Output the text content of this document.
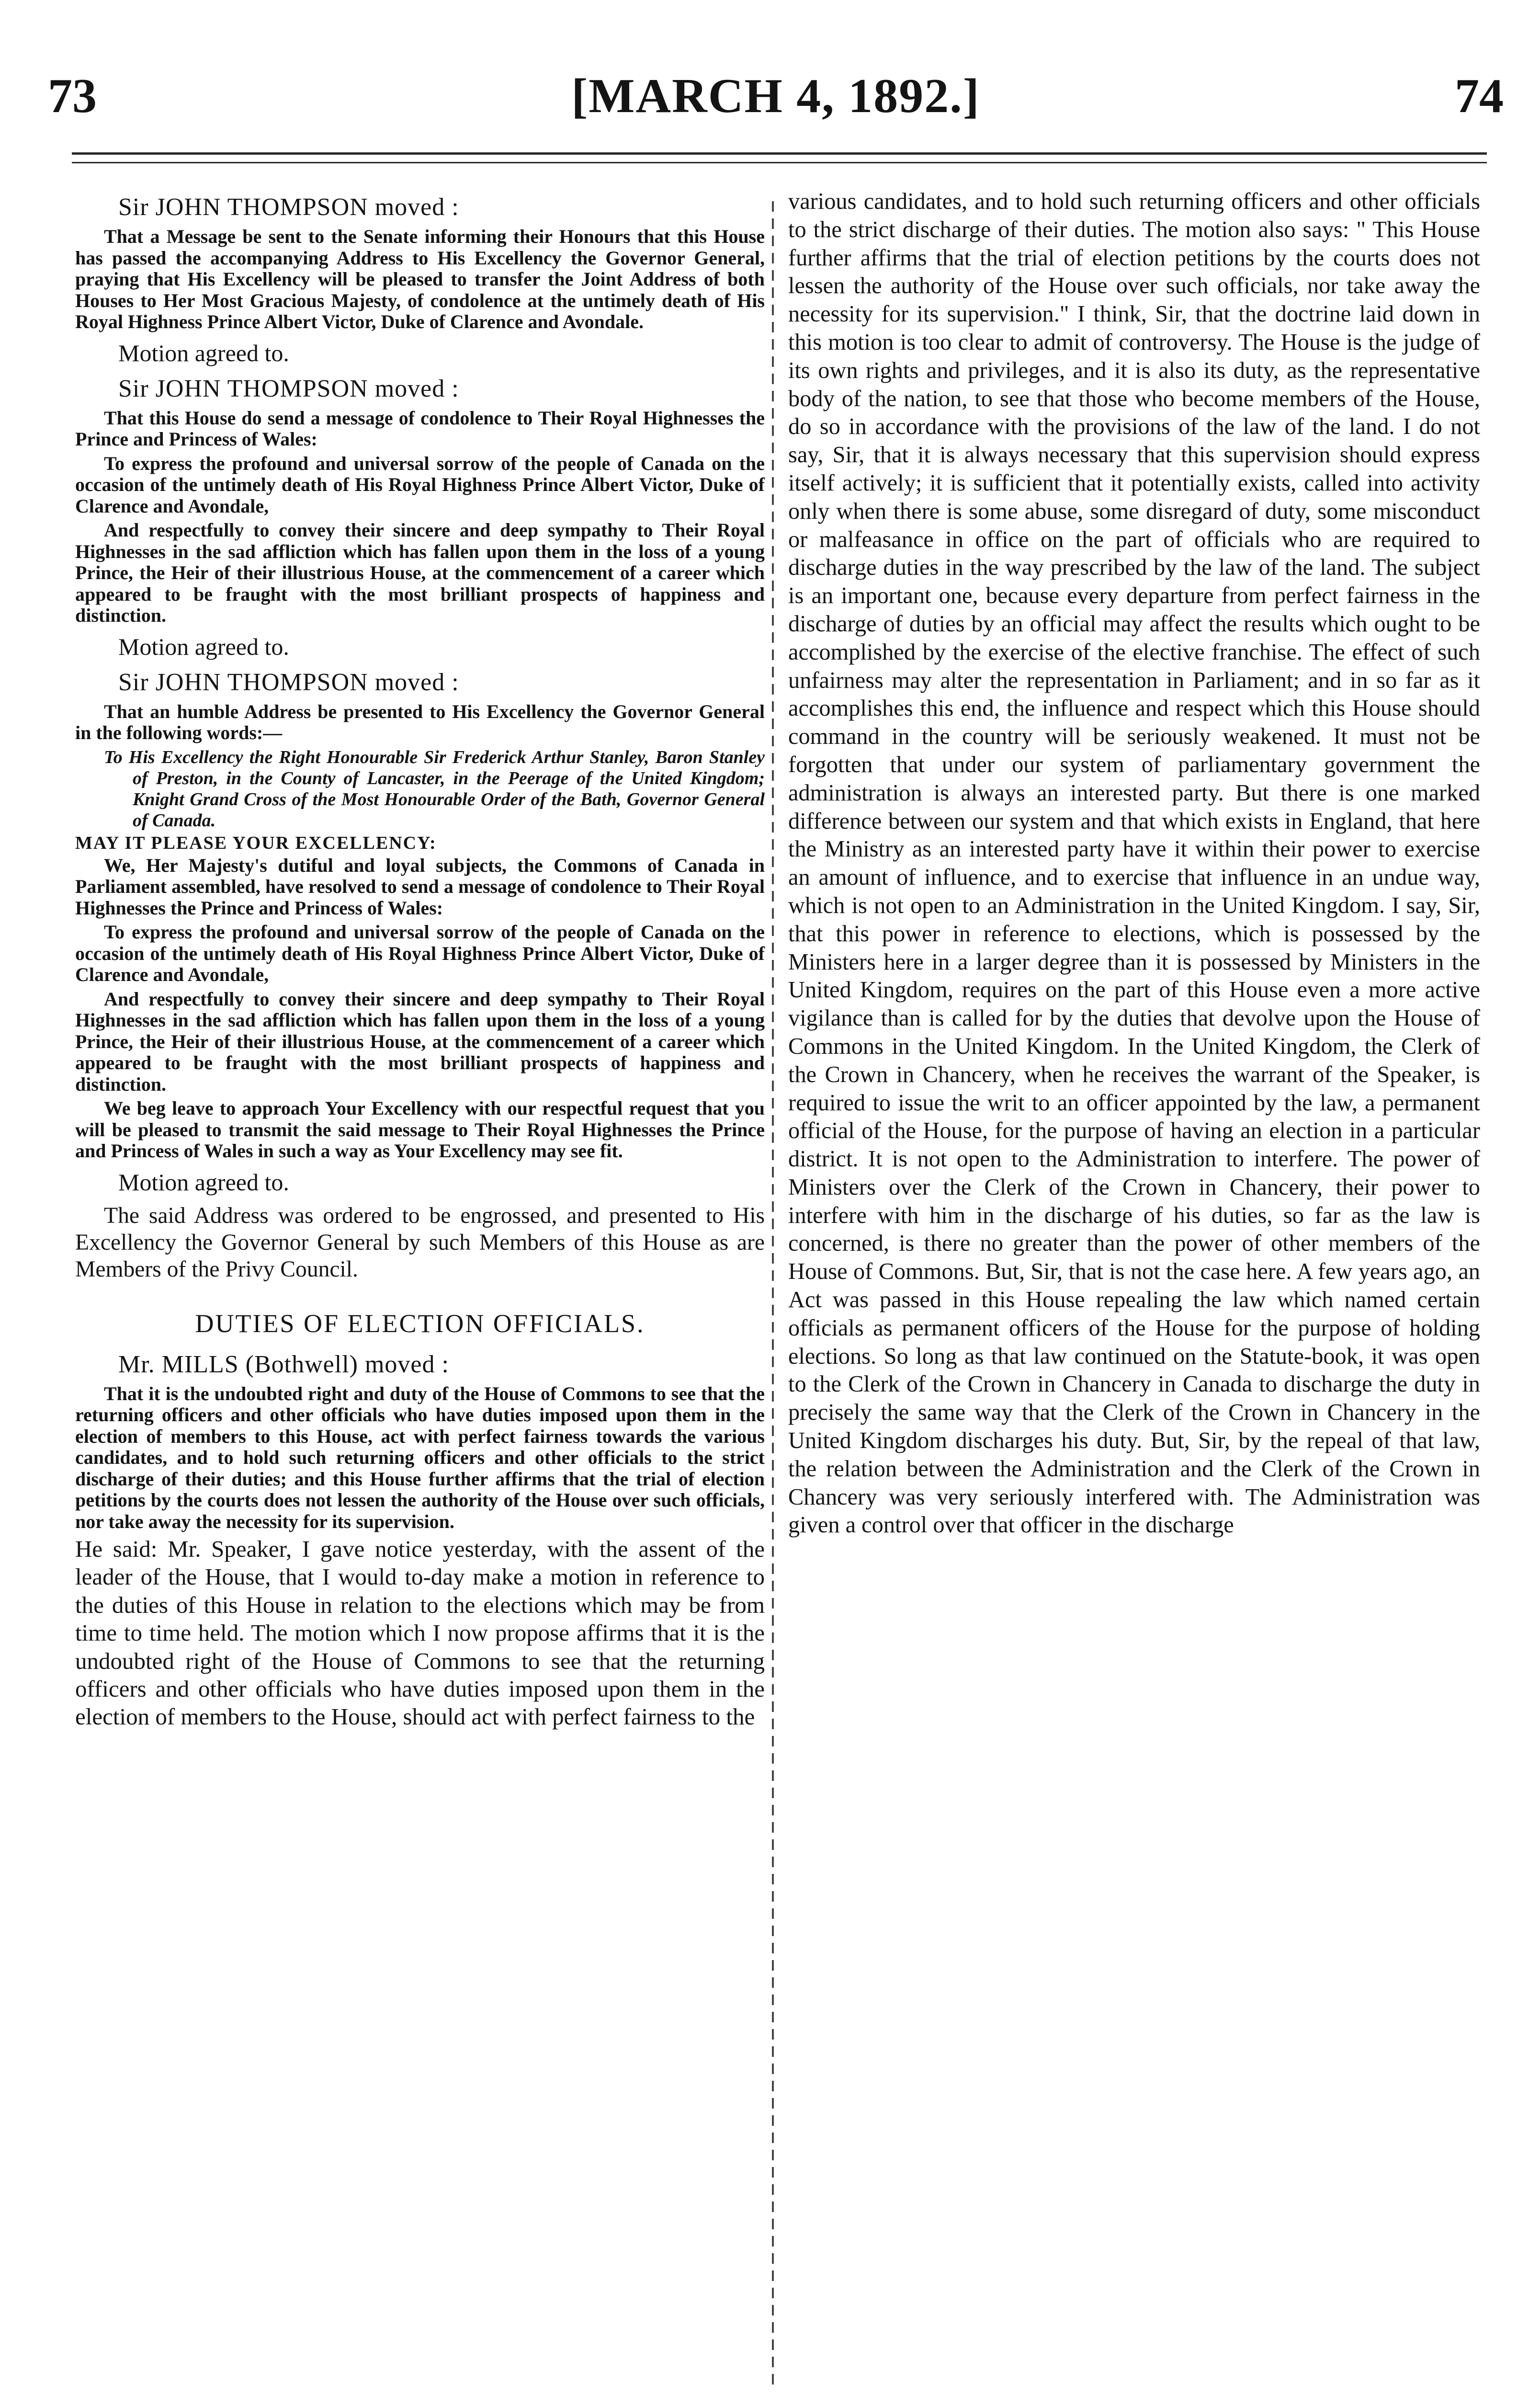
73	[MARCH 4, 1892.]	74

Sir JOHN THOMPSON moved :

That a Message be sent to the Senate informing their Honours that this House has passed the accompanying Address to His Excellency the Governor General, praying that His Excellency will be pleased to transfer the Joint Address of both Houses to Her Most Gracious Majesty, of condolence at the untimely death of His Royal Highness Prince Albert Victor, Duke of Clarence and Avondale.

Motion agreed to.

Sir JOHN THOMPSON moved :

That this House do send a message of condolence to Their Royal Highnesses the Prince and Princess of Wales:

To express the profound and universal sorrow of the people of Canada on the occasion of the untimely death of His Royal Highness Prince Albert Victor, Duke of Clarence and Avondale,

And respectfully to convey their sincere and deep sympathy to Their Royal Highnesses in the sad affliction which has fallen upon them in the loss of a young Prince, the Heir of their illustrious House, at the commencement of a career which appeared to be fraught with the most brilliant prospects of happiness and distinction.

Motion agreed to.

Sir JOHN THOMPSON moved :

That an humble Address be presented to His Excellency the Governor General in the following words:—

To His Excellency the Right Honourable Sir Frederick Arthur Stanley, Baron Stanley of Preston, in the County of Lancaster, in the Peerage of the United Kingdom; Knight Grand Cross of the Most Honourable Order of the Bath, Governor General of Canada.

MAY IT PLEASE YOUR EXCELLENCY:

We, Her Majesty's dutiful and loyal subjects, the Commons of Canada in Parliament assembled, have resolved to send a message of condolence to Their Royal Highnesses the Prince and Princess of Wales:

To express the profound and universal sorrow of the people of Canada on the occasion of the untimely death of His Royal Highness Prince Albert Victor, Duke of Clarence and Avondale,

And respectfully to convey their sincere and deep sympathy to Their Royal Highnesses in the sad affliction which has fallen upon them in the loss of a young Prince, the Heir of their illustrious House, at the commencement of a career which appeared to be fraught with the most brilliant prospects of happiness and distinction.

We beg leave to approach Your Excellency with our respectful request that you will be pleased to transmit the said message to Their Royal Highnesses the Prince and Princess of Wales in such a way as Your Excellency may see fit.

Motion agreed to.

The said Address was ordered to be engrossed, and presented to His Excellency the Governor General by such Members of this House as are Members of the Privy Council.

DUTIES OF ELECTION OFFICIALS.

Mr. MILLS (Bothwell) moved :

That it is the undoubted right and duty of the House of Commons to see that the returning officers and other officials who have duties imposed upon them in the election of members to this House, act with perfect fairness towards the various candidates, and to hold such returning officers and other officials to the strict discharge of their duties; and this House further affirms that the trial of election petitions by the courts does not lessen the authority of the House over such officials, nor take away the necessity for its supervision.

He said: Mr. Speaker, I gave notice yesterday, with the assent of the leader of the House, that I would to-day make a motion in reference to the duties of this House in relation to the elections which may be from time to time held. The motion which I now propose affirms that it is the undoubted right of the House of Commons to see that the returning officers and other officials who have duties imposed upon them in the election of members to the House, should act with perfect fairness to the

various candidates, and to hold such returning officers and other officials to the strict discharge of their duties. The motion also says: " This House further affirms that the trial of election petitions by the courts does not lessen the authority of the House over such officials, nor take away the necessity for its supervision." I think, Sir, that the doctrine laid down in this motion is too clear to admit of controversy. The House is the judge of its own rights and privileges, and it is also its duty, as the representative body of the nation, to see that those who become members of the House, do so in accordance with the provisions of the law of the land. I do not say, Sir, that it is always necessary that this supervision should express itself actively; it is sufficient that it potentially exists, called into activity only when there is some abuse, some disregard of duty, some misconduct or malfeasance in office on the part of officials who are required to discharge duties in the way prescribed by the law of the land. The subject is an important one, because every departure from perfect fairness in the discharge of duties by an official may affect the results which ought to be accomplished by the exercise of the elective franchise. The effect of such unfairness may alter the representation in Parliament; and in so far as it accomplishes this end, the influence and respect which this House should command in the country will be seriously weakened. It must not be forgotten that under our system of parliamentary government the administration is always an interested party. But there is one marked difference between our system and that which exists in England, that here the Ministry as an interested party have it within their power to exercise an amount of influence, and to exercise that influence in an undue way, which is not open to an Administration in the United Kingdom. I say, Sir, that this power in reference to elections, which is possessed by the Ministers here in a larger degree than it is possessed by Ministers in the United Kingdom, requires on the part of this House even a more active vigilance than is called for by the duties that devolve upon the House of Commons in the United Kingdom. In the United Kingdom, the Clerk of the Crown in Chancery, when he receives the warrant of the Speaker, is required to issue the writ to an officer appointed by the law, a permanent official of the House, for the purpose of having an election in a particular district. It is not open to the Administration to interfere. The power of Ministers over the Clerk of the Crown in Chancery, their power to interfere with him in the discharge of his duties, so far as the law is concerned, is there no greater than the power of other members of the House of Commons. But, Sir, that is not the case here. A few years ago, an Act was passed in this House repealing the law which named certain officials as permanent officers of the House for the purpose of holding elections. So long as that law continued on the Statute-book, it was open to the Clerk of the Crown in Chancery in Canada to discharge the duty in precisely the same way that the Clerk of the Crown in Chancery in the United Kingdom discharges his duty. But, Sir, by the repeal of that law, the relation between the Administration and the Clerk of the Crown in Chancery was very seriously interfered with. The Administration was given a control over that officer in the discharge
